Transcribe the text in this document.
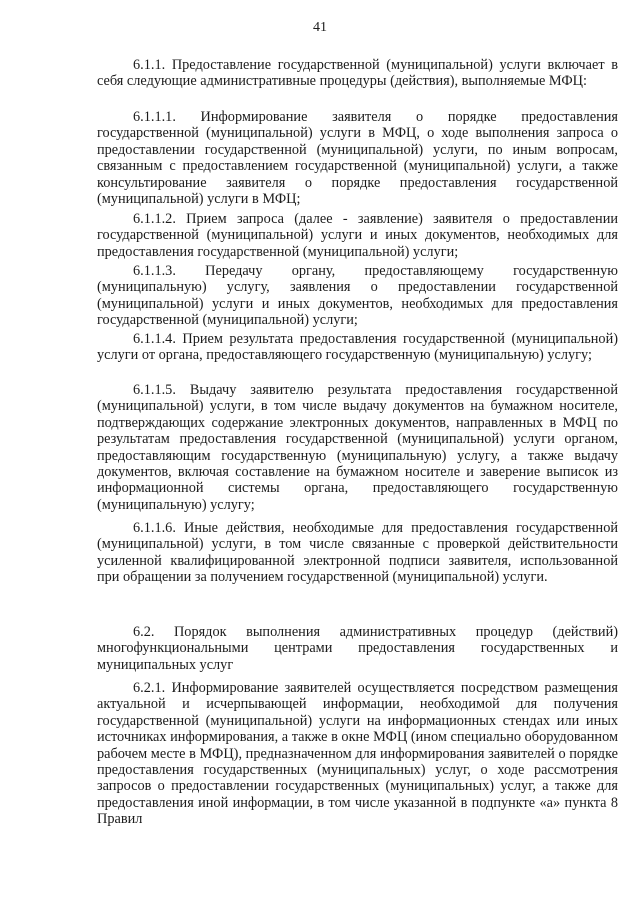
41

6.1.1. Предоставление государственной (муниципальной) услуги включает в себя следующие административные процедуры (действия), выполняемые МФЦ:

6.1.1.1. Информирование заявителя о порядке предоставления государственной (муниципальной) услуги в МФЦ, о ходе выполнения запроса о предоставлении государственной (муниципальной) услуги, по иным вопросам, связанным с предоставлением государственной (муниципальной) услуги, а также консультирование заявителя о порядке предоставления государственной (муниципальной) услуги в МФЦ;

6.1.1.2. Прием запроса (далее - заявление) заявителя о предоставлении государственной (муниципальной) услуги и иных документов, необходимых для предоставления государственной (муниципальной) услуги;

6.1.1.3. Передачу органу, предоставляющему государственную (муниципальную) услугу, заявления о предоставлении государственной (муниципальной) услуги и иных документов, необходимых для предоставления государственной (муниципальной) услуги;

6.1.1.4. Прием результата предоставления государственной (муниципальной) услуги от органа, предоставляющего государственную (муниципальную) услугу;

6.1.1.5. Выдачу заявителю результата предоставления государственной (муниципальной) услуги, в том числе выдачу документов на бумажном носителе, подтверждающих содержание электронных документов, направленных в МФЦ по результатам предоставления государственной (муниципальной) услуги органом, предоставляющим государственную (муниципальную) услугу, а также выдачу документов, включая составление на бумажном носителе и заверение выписок из информационной системы органа, предоставляющего государственную (муниципальную) услугу;

6.1.1.6. Иные действия, необходимые для предоставления государственной (муниципальной) услуги, в том числе связанные с проверкой действительности усиленной квалифицированной электронной подписи заявителя, использованной при обращении за получением государственной (муниципальной) услуги.

6.2. Порядок выполнения административных процедур (действий) многофункциональными центрами предоставления государственных и муниципальных услуг

6.2.1. Информирование заявителей осуществляется посредством размещения актуальной и исчерпывающей информации, необходимой для получения государственной (муниципальной) услуги на информационных стендах или иных источниках информирования, а также в окне МФЦ (ином специально оборудованном рабочем месте в МФЦ), предназначенном для информирования заявителей о порядке предоставления государственных (муниципальных) услуг, о ходе рассмотрения запросов о предоставлении государственных (муниципальных) услуг, а также для предоставления иной информации, в том числе указанной в подпункте «а» пункта 8 Правил
